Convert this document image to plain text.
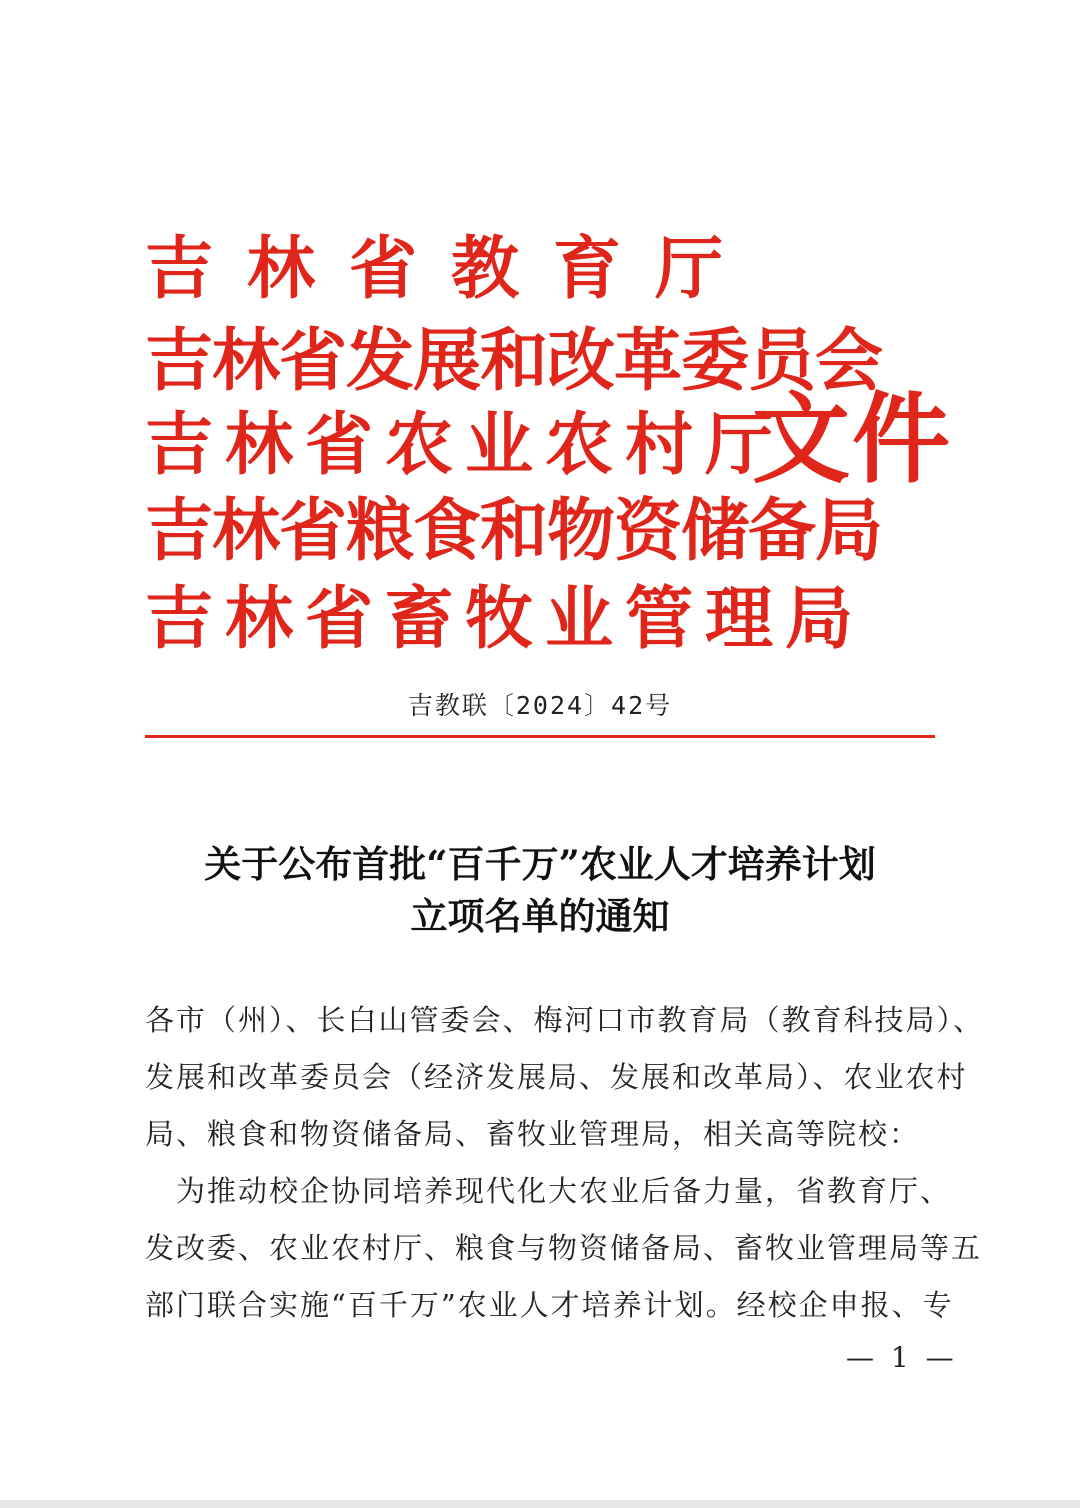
吉林省教育厅
吉林省发展和改革委员会
吉林省农业农村厅
吉林省粮食和物资储备局
吉林省畜牧业管理局
文件
吉教联〔2024〕42号
关于公布首批“百千万”农业人才培养计划
立项名单的通知
各市（州）、长白山管委会、梅河口市教育局（教育科技局）、
发展和改革委员会（经济发展局、发展和改革局）、农业农村
局、粮食和物资储备局、畜牧业管理局，相关高等院校：
　为推动校企协同培养现代化大农业后备力量，省教育厅、
发改委、农业农村厅、粮食与物资储备局、畜牧业管理局等五
部门联合实施“百千万”农业人才培养计划。经校企申报、专
— 1 —
